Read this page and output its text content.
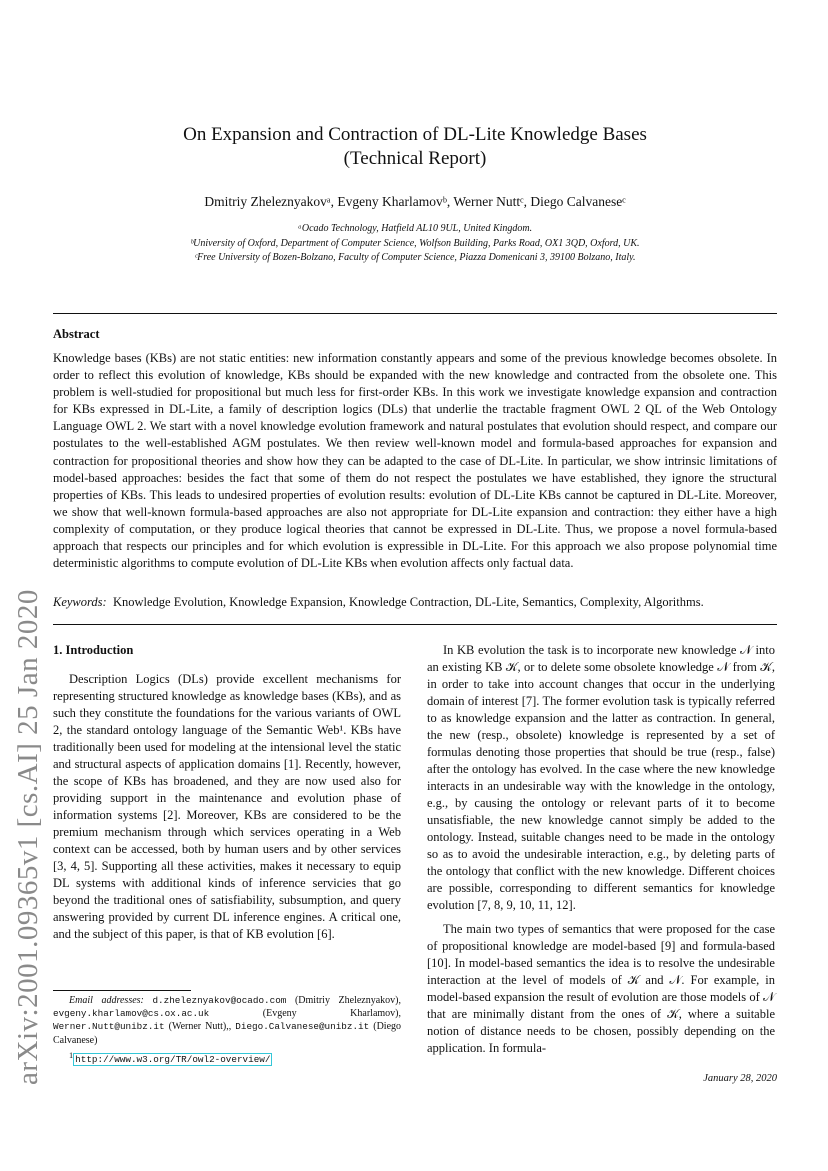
arXiv:2001.09365v1 [cs.AI] 25 Jan 2020
On Expansion and Contraction of DL-Lite Knowledge Bases
(Technical Report)
Dmitriy Zheleznyakovᵃ, Evgeny Kharlamovᵇ, Werner Nuttᶜ, Diego Calvaneseᶜ
ᵃOcado Technology, Hatfield AL10 9UL, United Kingdom.
ᵇUniversity of Oxford, Department of Computer Science, Wolfson Building, Parks Road, OX1 3QD, Oxford, UK.
ᶜFree University of Bozen-Bolzano, Faculty of Computer Science, Piazza Domenicani 3, 39100 Bolzano, Italy.
Abstract

Knowledge bases (KBs) are not static entities: new information constantly appears and some of the previous knowledge becomes obsolete. In order to reflect this evolution of knowledge, KBs should be expanded with the new knowledge and contracted from the obsolete one. This problem is well-studied for propositional but much less for first-order KBs. In this work we investigate knowledge expansion and contraction for KBs expressed in DL-Lite, a family of description logics (DLs) that underlie the tractable fragment OWL 2 QL of the Web Ontology Language OWL 2. We start with a novel knowledge evolution framework and natural postulates that evolution should respect, and compare our postulates to the well-established AGM postulates. We then review well-known model and formula-based approaches for expansion and contraction for propositional theories and show how they can be adapted to the case of DL-Lite. In particular, we show intrinsic limitations of model-based approaches: besides the fact that some of them do not respect the postulates we have established, they ignore the structural properties of KBs. This leads to undesired properties of evolution results: evolution of DL-Lite KBs cannot be captured in DL-Lite. Moreover, we show that well-known formula-based approaches are also not appropriate for DL-Lite expansion and contraction: they either have a high complexity of computation, or they produce logical theories that cannot be expressed in DL-Lite. Thus, we propose a novel formula-based approach that respects our principles and for which evolution is expressible in DL-Lite. For this approach we also propose polynomial time deterministic algorithms to compute evolution of DL-Lite KBs when evolution affects only factual data.

Keywords: Knowledge Evolution, Knowledge Expansion, Knowledge Contraction, DL-Lite, Semantics, Complexity, Algorithms.
1. Introduction

Description Logics (DLs) provide excellent mechanisms for representing structured knowledge as knowledge bases (KBs), and as such they constitute the foundations for the various variants of OWL 2, the standard ontology language of the Semantic Web¹. KBs have traditionally been used for modeling at the intensional level the static and structural aspects of application domains [1]. Recently, however, the scope of KBs has broadened, and they are now used also for providing support in the maintenance and evolution phase of information systems [2]. Moreover, KBs are considered to be the premium mechanism through which services operating in a Web context can be accessed, both by human users and by other services [3, 4, 5]. Supporting all these activities, makes it necessary to equip DL systems with additional kinds of inference servicies that go beyond the traditional ones of satisfiability, subsumption, and query answering provided by current DL inference engines. A critical one, and the subject of this paper, is that of KB evolution [6].

In KB evolution the task is to incorporate new knowledge 𝒩 into an existing KB 𝒦, or to delete some obsolete knowledge 𝒩 from 𝒦, in order to take into account changes that occur in the underlying domain of interest [7]. The former evolution task is typically referred to as knowledge expansion and the latter as contraction. In general, the new (resp., obsolete) knowledge is represented by a set of formulas denoting those properties that should be true (resp., false) after the ontology has evolved. In the case where the new knowledge interacts in an undesirable way with the knowledge in the ontology, e.g., by causing the ontology or relevant parts of it to become unsatisfiable, the new knowledge cannot simply be added to the ontology. Instead, suitable changes need to be made in the ontology so as to avoid the undesirable interaction, e.g., by deleting parts of the ontology that conflict with the new knowledge. Different choices are possible, corresponding to different semantics for knowledge evolution [7, 8, 9, 10, 11, 12].

The main two types of semantics that were proposed for the case of propositional knowledge are model-based [9] and formula-based [10]. In model-based semantics the idea is to resolve the undesirable interaction at the level of models of 𝒦 and 𝒩. For example, in model-based expansion the result of evolution are those models of 𝒩 that are minimally distant from the ones of 𝒦, where a suitable notion of distance needs to be chosen, possibly depending on the application. In formula-

Email addresses: d.zheleznyakov@ocado.com (Dmitriy Zheleznyakov), evgeny.kharlamov@cs.ox.ac.uk	(Evgeny Kharlamov), Werner.Nutt@unibz.it (Werner Nutt),, Diego.Calvanese@unibz.it (Diego Calvanese)

$^1$ http://www.w3.org/TR/owl2-overview/

January 28, 2020
